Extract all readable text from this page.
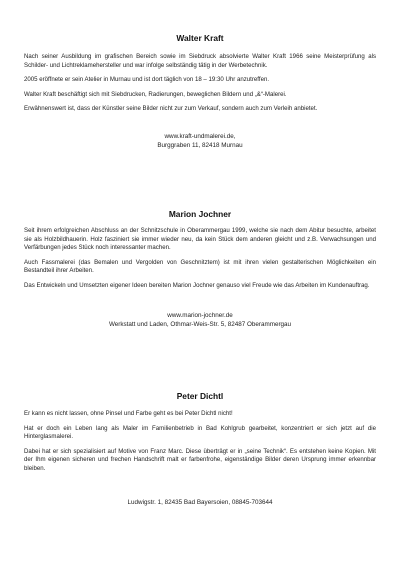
Walter Kraft

Nach seiner Ausbildung im grafischen Bereich sowie im Siebdruck absolvierte Walter Kraft 1966 seine Meisterprüfung als Schilder- und Lichtreklamehersteller und war infolge selbständig tätig in der Werbetechnik.

2005 eröffnete er sein Atelier in Murnau und ist dort täglich von 18 – 19:30 Uhr anzutreffen.

Walter Kraft beschäftigt sich mit Siebdrucken, Radierungen, beweglichen Bildern und „&“-Malerei.

Erwähnenswert ist, dass der Künstler seine Bilder nicht zur zum Verkauf, sondern auch zum Verleih anbietet.

www.kraft-undmalerei.de,
Burggraben 11, 82418 Murnau
Marion Jochner

Seit ihrem erfolgreichen Abschluss an der Schnitzschule in Oberammergau 1999, welche sie nach dem Abitur besuchte, arbeitet sie als Holzbildhauerin. Holz fasziniert sie immer wieder neu, da kein Stück dem anderen gleicht und z.B. Verwachsungen und Verfärbungen jedes Stück noch interessanter machen.

Auch Fassmalerei (das Bemalen und Vergolden von Geschnitztem) ist mit ihren vielen gestalterischen Möglichkeiten ein Bestandteil ihrer Arbeiten.

Das Entwickeln und Umsetzten eigener Ideen bereiten Marion Jochner genauso viel Freude wie das Arbeiten im Kundenauftrag.

www.marion-jochner.de
Werkstatt und Laden, Othmar-Weis-Str. 5, 82487 Oberammergau
Peter Dichtl

Er kann es nicht lassen, ohne Pinsel und Farbe geht es bei Peter Dichtl nicht!

Hat er doch ein Leben lang als Maler im Familienbetrieb in Bad Kohlgrub gearbeitet, konzentriert er sich jetzt auf die Hinterglasmalerei.

Dabei hat er sich spezialisiert auf Motive von Franz Marc. Diese überträgt er in „seine Technik“. Es entstehen keine Kopien. Mit der Ihm eigenen sicheren und frechen Handschrift malt er farbenfrohe, eigenständige Bilder deren Ursprung immer erkennbar bleiben.

Ludwigstr. 1, 82435 Bad Bayersoien, 08845-703644
